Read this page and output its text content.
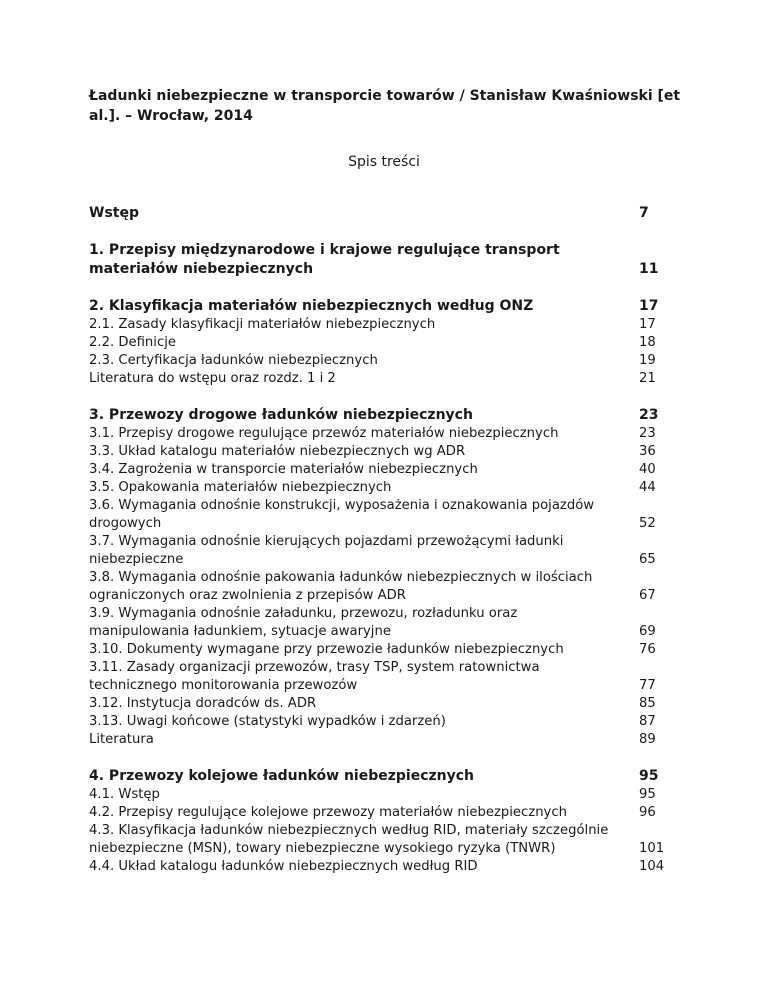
Ładunki niebezpieczne w transporcie towarów / Stanisław Kwaśniowski [et al.]. – Wrocław, 2014
Spis treści
Wstęp	7
1. Przepisy międzynarodowe i krajowe regulujące transport materiałów niebezpiecznych	11
2. Klasyfikacja materiałów niebezpiecznych według ONZ	17
2.1. Zasady klasyfikacji materiałów niebezpiecznych	17
2.2. Definicje	18
2.3. Certyfikacja ładunków niebezpiecznych	19
Literatura do wstępu oraz rozdz. 1 i 2	21
3. Przewozy drogowe ładunków niebezpiecznych	23
3.1. Przepisy drogowe regulujące przewóz materiałów niebezpiecznych	23
3.3. Układ katalogu materiałów niebezpiecznych wg ADR	36
3.4. Zagrożenia w transporcie materiałów niebezpiecznych	40
3.5. Opakowania materiałów niebezpiecznych	44
3.6. Wymagania odnośnie konstrukcji, wyposażenia i oznakowania pojazdów drogowych	52
3.7. Wymagania odnośnie kierujących pojazdami przewożącymi ładunki niebezpieczne	65
3.8. Wymagania odnośnie pakowania ładunków niebezpiecznych w ilościach ograniczonych oraz zwolnienia z przepisów ADR	67
3.9. Wymagania odnośnie załadunku, przewozu, rozładunku oraz manipulowania ładunkiem, sytuacje awaryjne	69
3.10. Dokumenty wymagane przy przewozie ładunków niebezpiecznych	76
3.11. Zasady organizacji przewozów, trasy TSP, system ratownictwa technicznego monitorowania przewozów	77
3.12. Instytucja doradców ds. ADR	85
3.13. Uwagi końcowe (statystyki wypadków i zdarzeń)	87
Literatura	89
4. Przewozy kolejowe ładunków niebezpiecznych	95
4.1. Wstęp	95
4.2. Przepisy regulujące kolejowe przewozy materiałów niebezpiecznych	96
4.3. Klasyfikacja ładunków niebezpiecznych według RID, materiały szczególnie niebezpieczne (MSN), towary niebezpieczne wysokiego ryzyka (TNWR)	101
4.4. Układ katalogu ładunków niebezpiecznych według RID	104
